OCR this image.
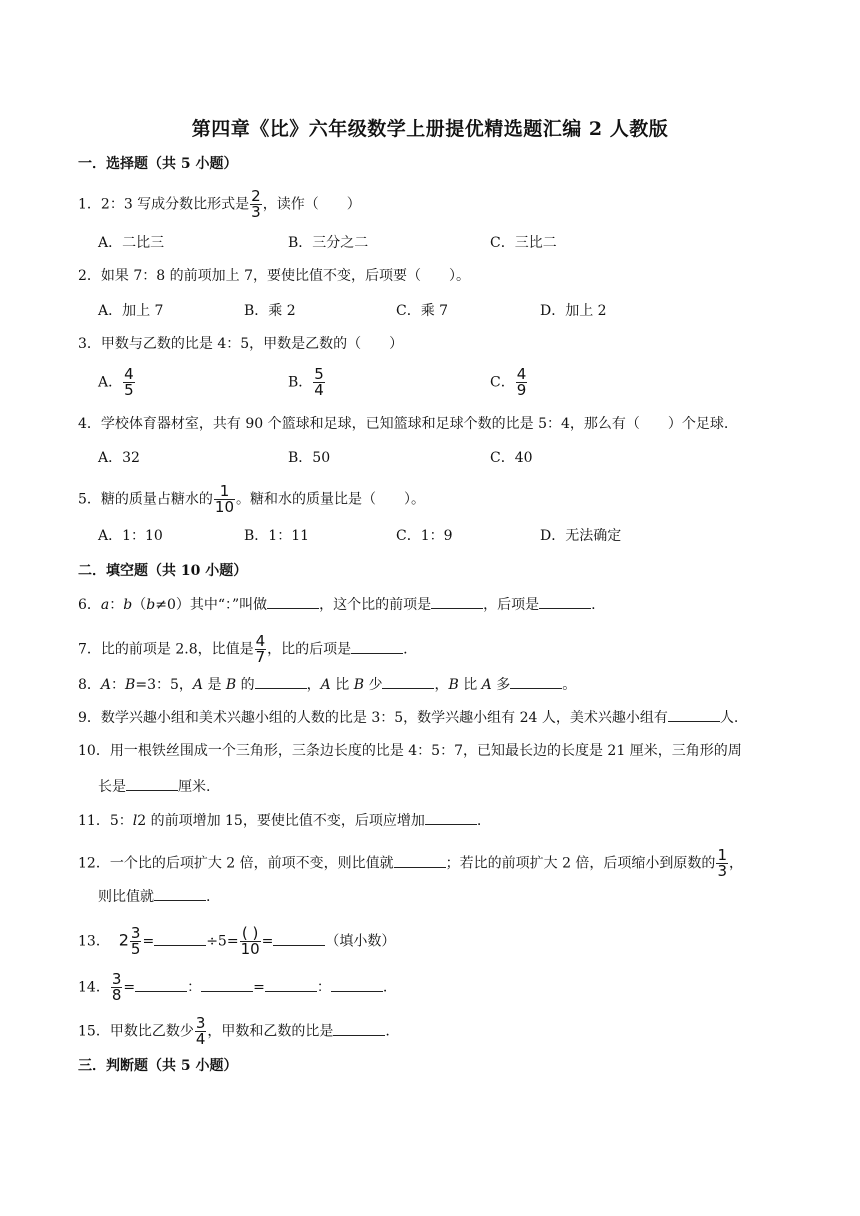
第四章《比》六年级数学上册提优精选题汇编 2 人教版
一．选择题（共 5 小题）
1．2：3 写成分数比形式是 $\frac{2}{3}$ ，读作（　　）
A．二比三	B．三分之二	C．三比二
2．如果 7：8 的前项加上 7，要使比值不变，后项要（　　）。
A．加上 7	B．乘 2	C．乘 7	D．加上 2
3．甲数与乙数的比是 4：5，甲数是乙数的（　　）
A． $\frac{4}{5}$	B． $\frac{5}{4}$	C． $\frac{4}{9}$
4．学校体育器材室，共有 90 个篮球和足球，已知篮球和足球个数的比是 5：4，那么有（　　）个足球.
A．32	B．50	C．40
5．糖的质量占糖水的 $\frac{1}{10}$ 。糖和水的质量比是（　　）。
A．1：10	B．1：11	C．1：9	D．无法确定
二．填空题（共 10 小题）
6．a：b（b≠0）其中“：”叫做	，这个比的前项是	，后项是	.
7．比的前项是 2.8，比值是 $\frac{4}{7}$ ，比的后项是	.
8．A：B=3：5，A 是 B 的	，A 比 B 少	，B 比 A 多	。
9．数学兴趣小组和美术兴趣小组的人数的比是 3：5，数学兴趣小组有 24 人，美术兴趣小组有	人.
10．用一根铁丝围成一个三角形，三条边长度的比是 4：5：7，已知最长边的长度是 21 厘米，三角形的周
长是	厘米.
11．5：l2 的前项增加 15，要使比值不变，后项应增加	.
12．一个比的后项扩大 2 倍，前项不变，则比值就	；若比的前项扩大 2 倍，后项缩小到原数的 $\frac{1}{3}$ ，
则比值就	.
13． $2 \frac{3}{5}$ =	$\div 5= \frac{( )}{10}$ =	（填小数）
14． $\frac{3}{8}$ =	：	=	：	.
15．甲数比乙数少 $\frac{3}{4}$ ，甲数和乙数的比是	.
三．判断题（共 5 小题）
